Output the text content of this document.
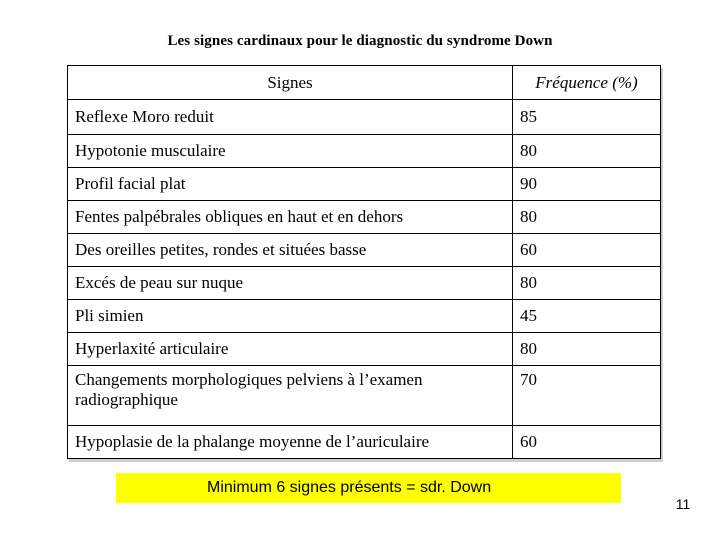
Les signes cardinaux pour le diagnostic du syndrome Down
Signes	Fréquence (%)
Reflexe Moro reduit	85
Hypotonie musculaire	80
Profil facial plat	90
Fentes palpébrales obliques en haut et en dehors	80
Des oreilles petites, rondes et situées basse	60
Excés de peau sur nuque	80
Pli simien	45
Hyperlaxité articulaire	80
Changements morphologiques pelviens à l’examen radiographique	70
Hypoplasie de la phalange moyenne de l’auriculaire	60
Minimum 6 signes présents = sdr. Down
11
